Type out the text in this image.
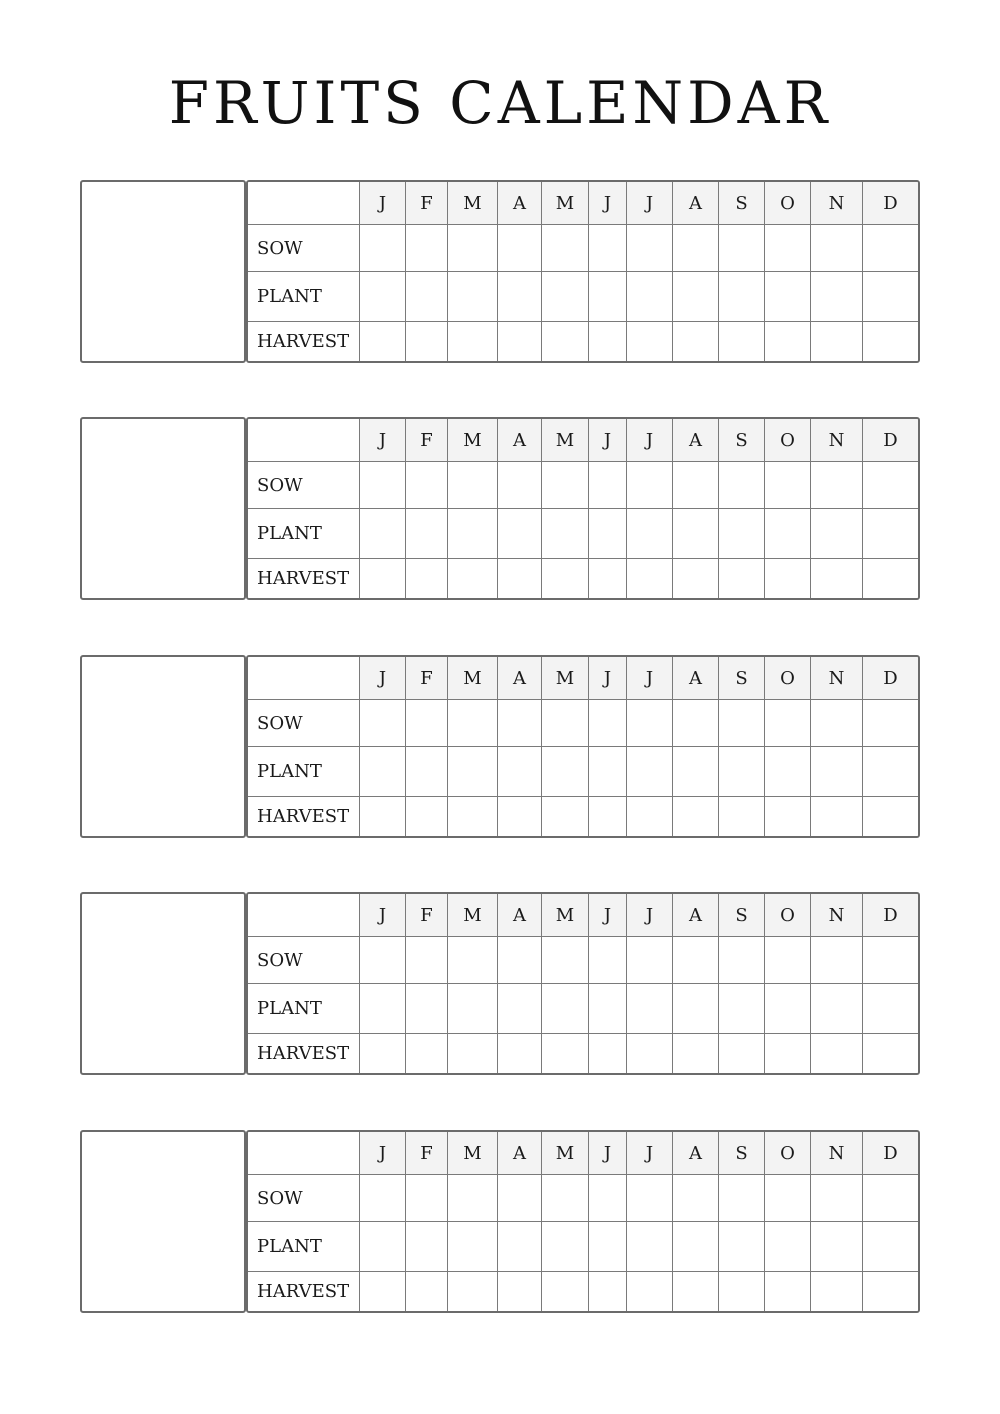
FRUITS CALENDAR
	J	F	M	A	M	J	J	A	S	O	N	D
SOW												
PLANT												
HARVEST												
	J	F	M	A	M	J	J	A	S	O	N	D
SOW												
PLANT												
HARVEST												
	J	F	M	A	M	J	J	A	S	O	N	D
SOW												
PLANT												
HARVEST												
	J	F	M	A	M	J	J	A	S	O	N	D
SOW												
PLANT												
HARVEST												
	J	F	M	A	M	J	J	A	S	O	N	D
SOW												
PLANT												
HARVEST												
